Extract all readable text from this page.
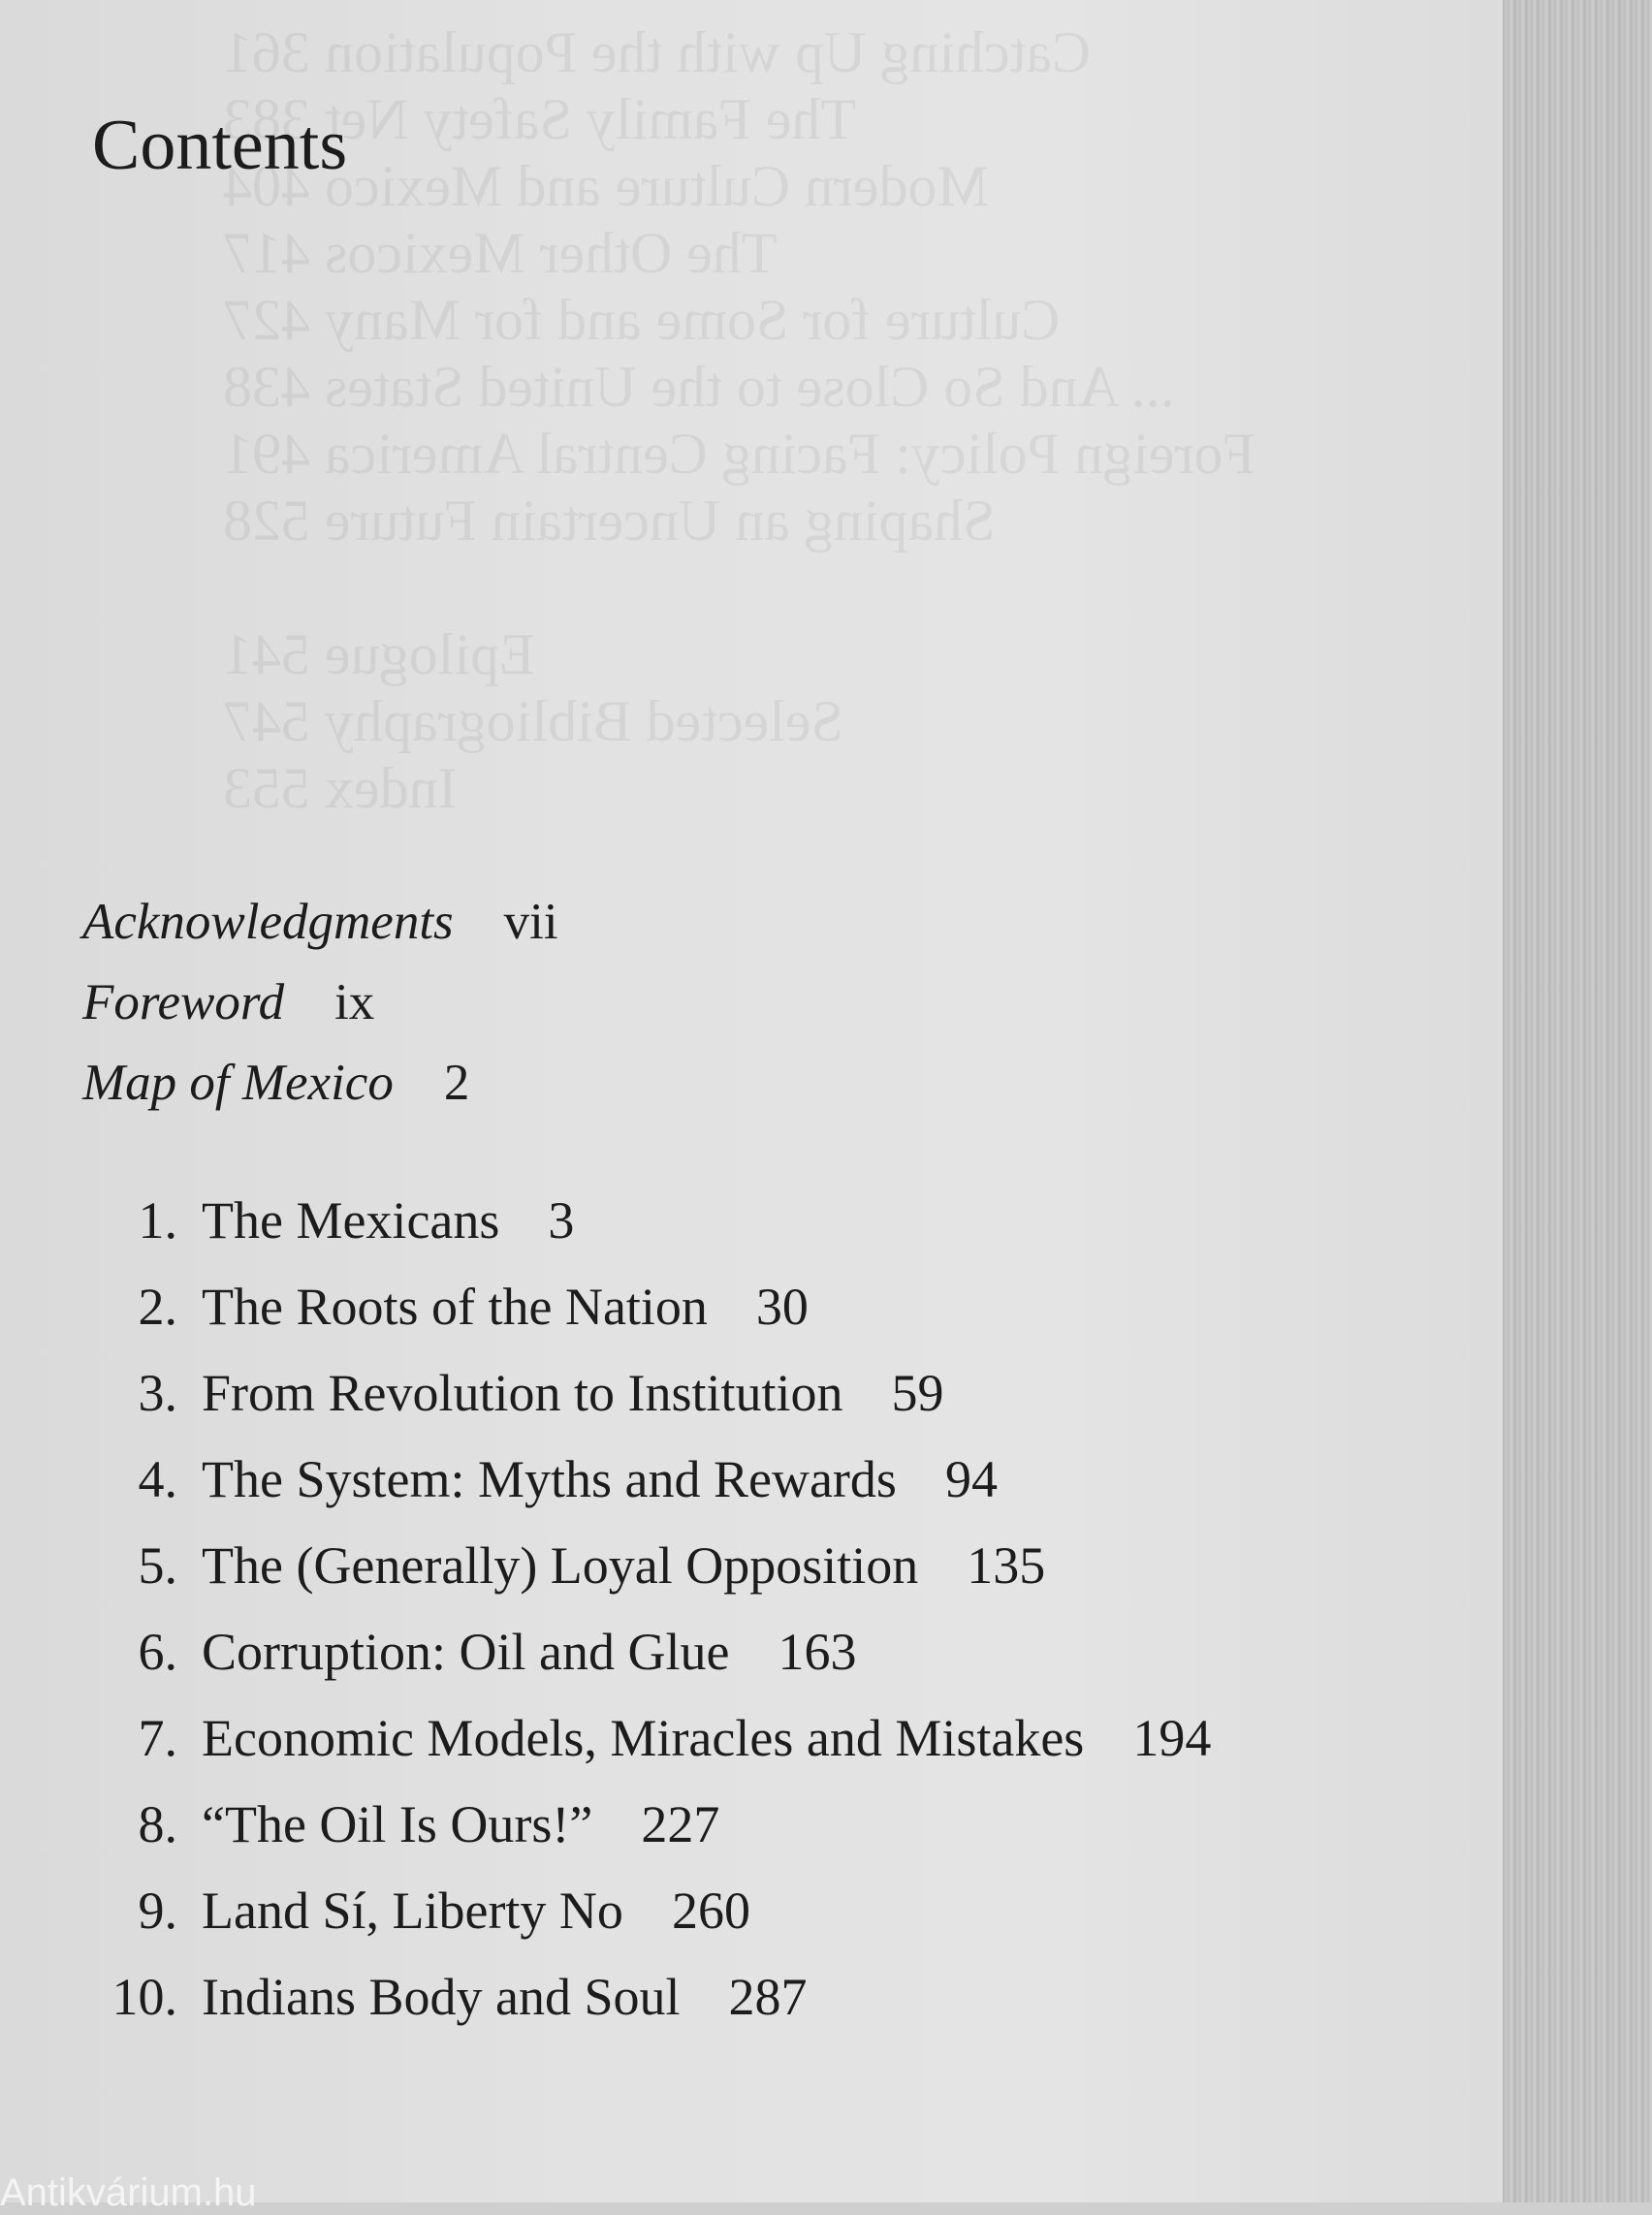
Catching Up with the Population 361
The Family Safety Net 383
Modern Culture and Mexico 404
The Other Mexicos 417
Culture for Some and for Many 427
... And So Close to the United States 438
Foreign Policy: Facing Central America 491
Shaping an Uncertain Future 528

Epilogue 541
Selected Bibliography 547
Index 553
Contents
Acknowledgments vii
Foreword ix
Map of Mexico 2
1. The Mexicans 3
2. The Roots of the Nation 30
3. From Revolution to Institution 59
4. The System: Myths and Rewards 94
5. The (Generally) Loyal Opposition 135
6. Corruption: Oil and Glue 163
7. Economic Models, Miracles and Mistakes 194
8. “The Oil Is Ours!” 227
9. Land Sí, Liberty No 260
10. Indians Body and Soul 287
Antikvárium.hu
